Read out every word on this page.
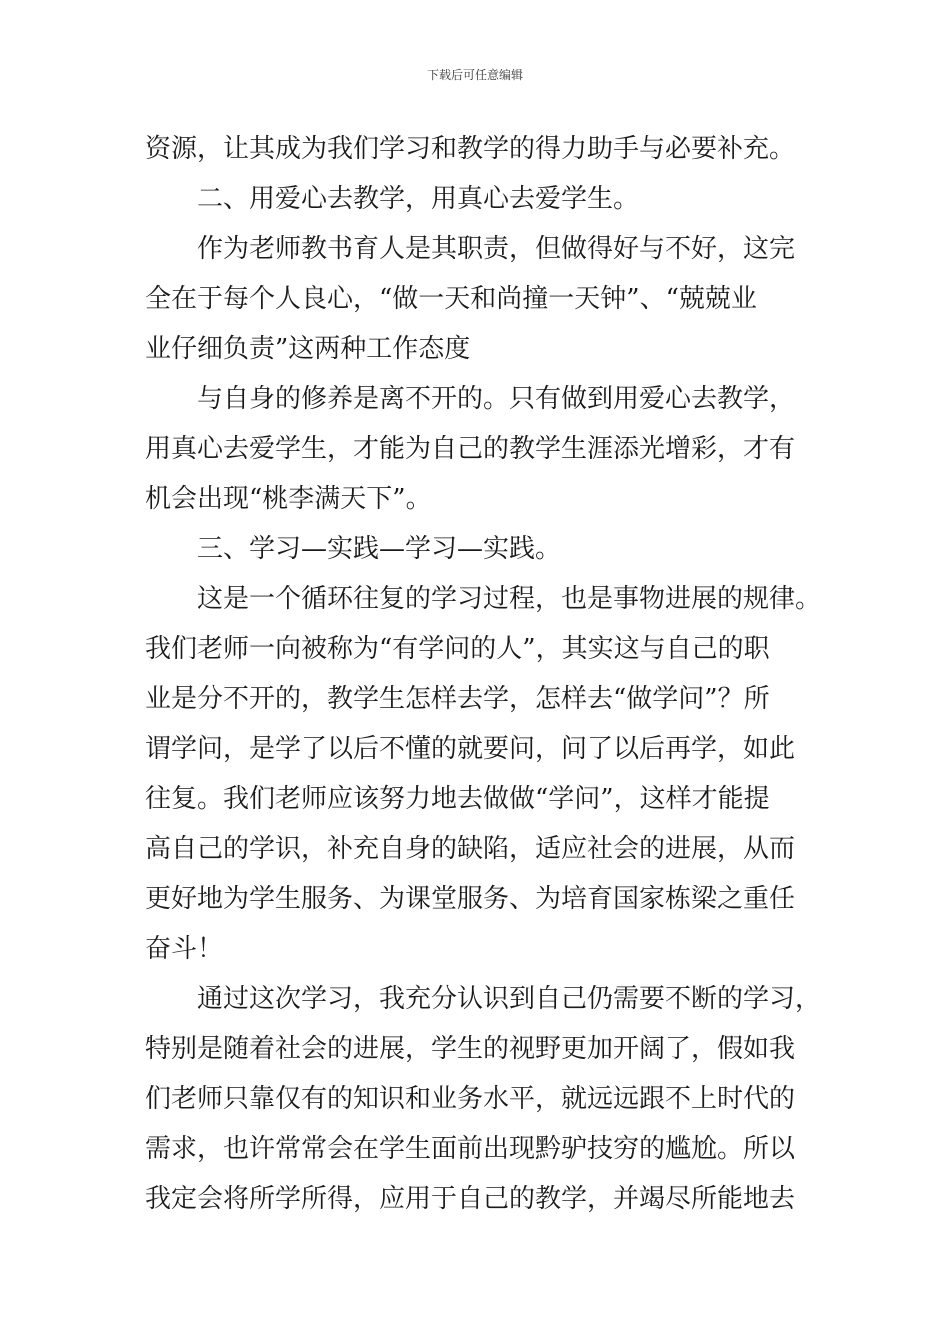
下载后可任意编辑
资源，让其成为我们学习和教学的得力助手与必要补充。
二、用爱心去教学，用真心去爱学生。
作为老师教书育人是其职责，但做得好与不好，这完
全在于每个人良心，“做一天和尚撞一天钟”、“兢兢业
业仔细负责”这两种工作态度
与自身的修养是离不开的。只有做到用爱心去教学，
用真心去爱学生，才能为自己的教学生涯添光增彩，才有
机会出现“桃李满天下”。
三、学习—实践—学习—实践。
这是一个循环往复的学习过程，也是事物进展的规律。
我们老师一向被称为“有学问的人”，其实这与自己的职
业是分不开的，教学生怎样去学，怎样去“做学问”？所
谓学问，是学了以后不懂的就要问，问了以后再学，如此
往复。我们老师应该努力地去做做“学问”，这样才能提
高自己的学识，补充自身的缺陷，适应社会的进展，从而
更好地为学生服务、为课堂服务、为培育国家栋梁之重任
奋斗！
通过这次学习，我充分认识到自己仍需要不断的学习，
特别是随着社会的进展，学生的视野更加开阔了，假如我
们老师只靠仅有的知识和业务水平，就远远跟不上时代的
需求，也许常常会在学生面前出现黔驴技穷的尴尬。所以
我定会将所学所得，应用于自己的教学，并竭尽所能地去
